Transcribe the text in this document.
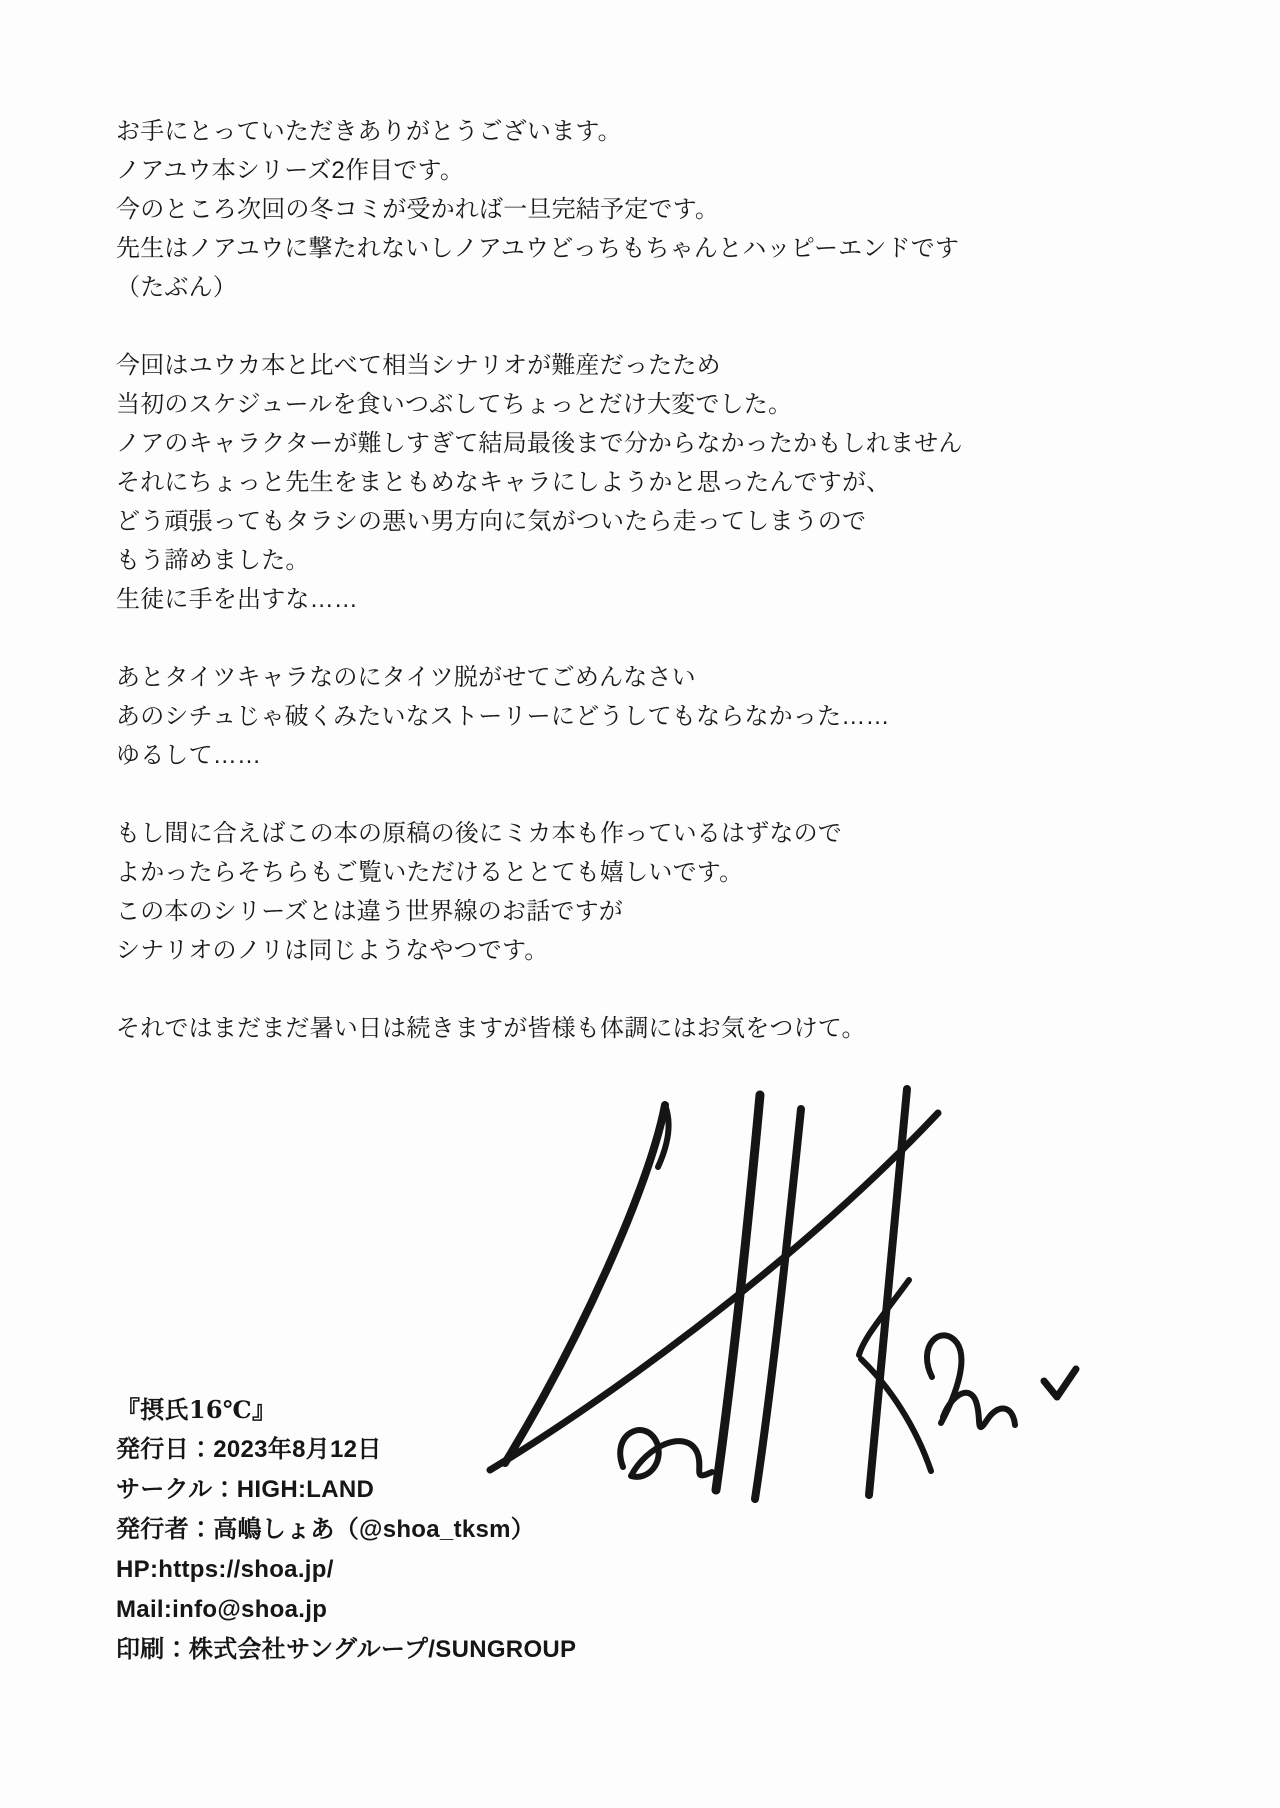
お手にとっていただきありがとうございます。
ノアユウ本シリーズ2作目です。
今のところ次回の冬コミが受かれば一旦完結予定です。
先生はノアユウに撃たれないしノアユウどっちもちゃんとハッピーエンドです
（たぶん）

今回はユウカ本と比べて相当シナリオが難産だったため
当初のスケジュールを食いつぶしてちょっとだけ大変でした。
ノアのキャラクターが難しすぎて結局最後まで分からなかったかもしれません
それにちょっと先生をまともめなキャラにしようかと思ったんですが、
どう頑張ってもタラシの悪い男方向に気がついたら走ってしまうので
もう諦めました。
生徒に手を出すな……

あとタイツキャラなのにタイツ脱がせてごめんなさい
あのシチュじゃ破くみたいなストーリーにどうしてもならなかった……
ゆるして……

もし間に合えばこの本の原稿の後にミカ本も作っているはずなので
よかったらそちらもご覧いただけるととても嬉しいです。
この本のシリーズとは違う世界線のお話ですが
シナリオのノリは同じようなやつです。

それではまだまだ暑い日は続きますが皆様も体調にはお気をつけて。

『摂氏16℃』
発行日：2023年8月12日
サークル：HIGH:LAND
発行者：高嶋しょあ（@shoa_tksm）
HP:https://shoa.jp/
Mail:info@shoa.jp
印刷：株式会社サングループ/SUNGROUP
